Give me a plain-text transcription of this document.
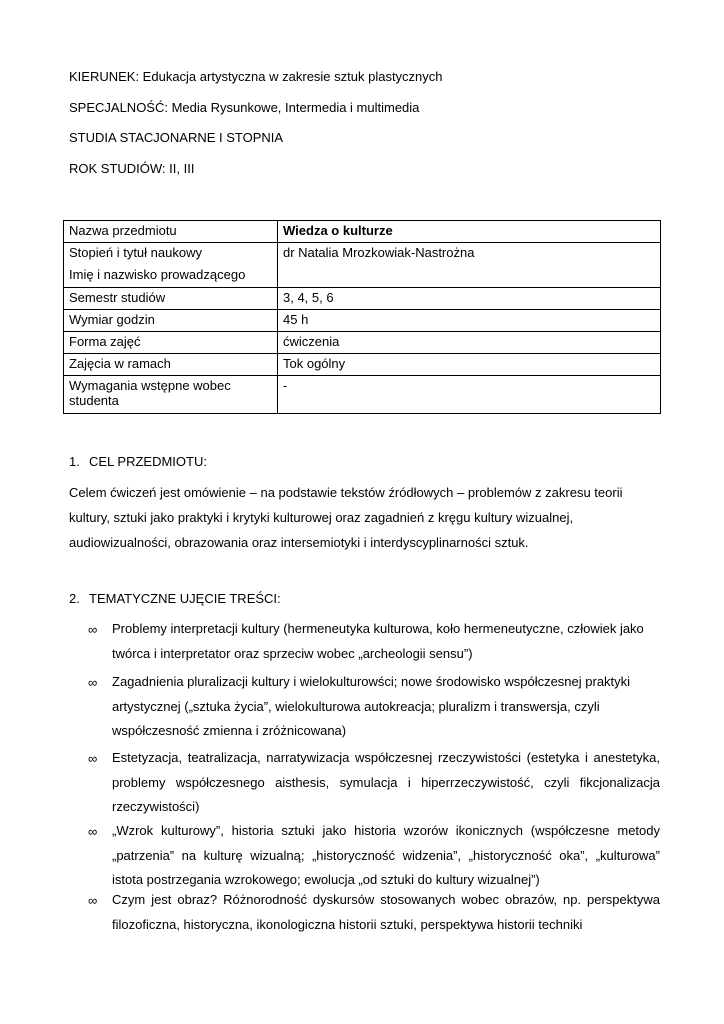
KIERUNEK: Edukacja artystyczna w zakresie sztuk plastycznych

SPECJALNOŚĆ: Media Rysunkowe, Intermedia i multimedia

STUDIA STACJONARNE I STOPNIA

ROK STUDIÓW: II, III

Nazwa przedmiotu	Wiedza o kulturze

Stopień i tytuł naukowy
Imię i nazwisko prowadzącego	dr Natalia Mrozkowiak-Nastrożna
Semestr studiów	3, 4, 5, 6
Wymiar godzin	45 h
Forma zajęć	ćwiczenia
Zajęcia w ramach	Tok ogólny
Wymagania wstępne wobec studenta	-

1. CEL PRZEDMIOTU:

Celem ćwiczeń jest omówienie – na podstawie tekstów źródłowych – problemów z zakresu teorii kultury, sztuki jako praktyki i krytyki kulturowej oraz zagadnień z kręgu kultury wizualnej, audiowizualności, obrazowania oraz intersemiotyki i interdyscyplinarności sztuk.

2. TEMATYCZNE UJĘCIE TREŚCI:

∞ Problemy interpretacji kultury (hermeneutyka kulturowa, koło hermeneutyczne, człowiek jako twórca i interpretator oraz sprzeciw wobec „archeologii sensu”)
∞ Zagadnienia pluralizacji kultury i wielokulturowści; nowe środowisko współczesnej praktyki artystycznej („sztuka życia”, wielokulturowa autokreacja; pluralizm i transwersja, czyli współczesność zmienna i zróżnicowana)
∞ Estetyzacja, teatralizacja, narratywizacja współczesnej rzeczywistości (estetyka i anestetyka, problemy współczesnego aisthesis, symulacja i hiperrzeczywistość, czyli fikcjonalizacja rzeczywistości)
∞ „Wzrok kulturowy”, historia sztuki jako historia wzorów ikonicznych (współczesne metody „patrzenia” na kulturę wizualną; „historyczność widzenia”, „historyczność oka”, „kulturowa” istota postrzegania wzrokowego; ewolucja „od sztuki do kultury wizualnej”)
∞ Czym jest obraz? Różnorodność dyskursów stosowanych wobec obrazów, np. perspektywa filozoficzna, historyczna, ikonologiczna historii sztuki, perspektywa historii techniki
